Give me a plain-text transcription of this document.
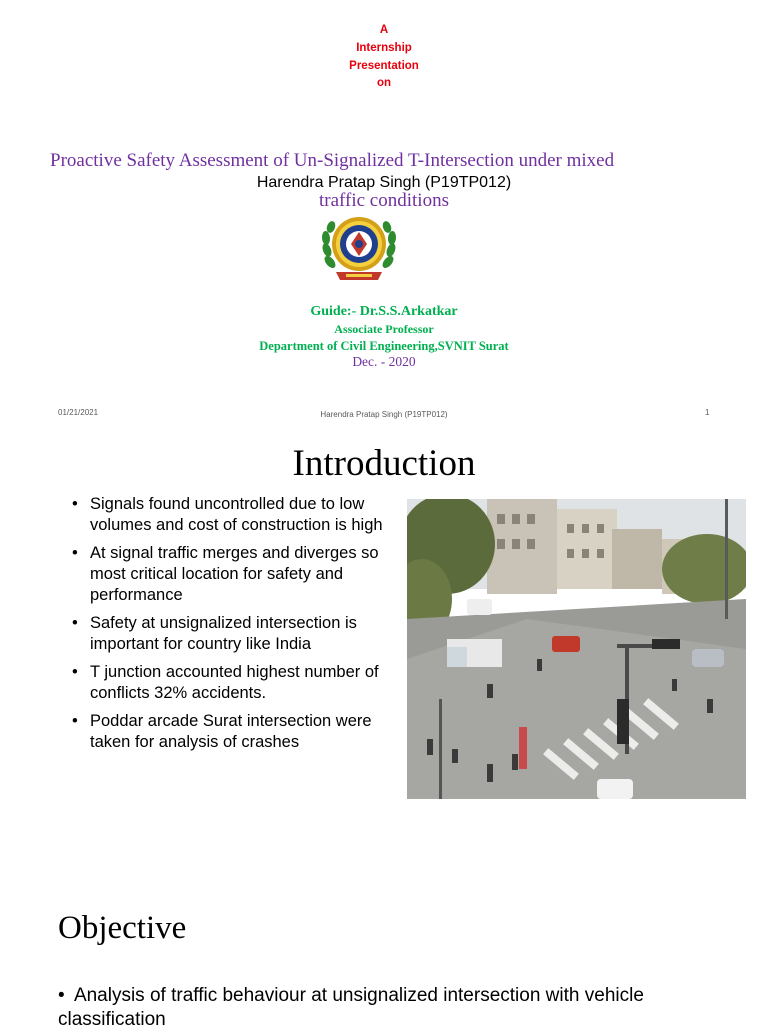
A
Internship
Presentation
on
Proactive Safety Assessment of Un-Signalized T-Intersection under mixed
Harendra Pratap Singh (P19TP012)
traffic conditions
Guide:- Dr.S.S.Arkatkar
Associate Professor
Department of Civil Engineering,SVNIT Surat
Dec. - 2020
01/21/2021	Harendra Pratap Singh (P19TP012)	1
Introduction
• Signals found uncontrolled due to low volumes and cost of construction is high
• At signal traffic merges and diverges so most critical location for safety and performance
• Safety at unsignalized intersection is important for country like India
• T junction accounted highest number of conflicts 32% accidents.
• Poddar arcade Surat intersection were taken for analysis of crashes
Objective
• Analysis of traffic behaviour at unsignalized intersection with vehicle classification
